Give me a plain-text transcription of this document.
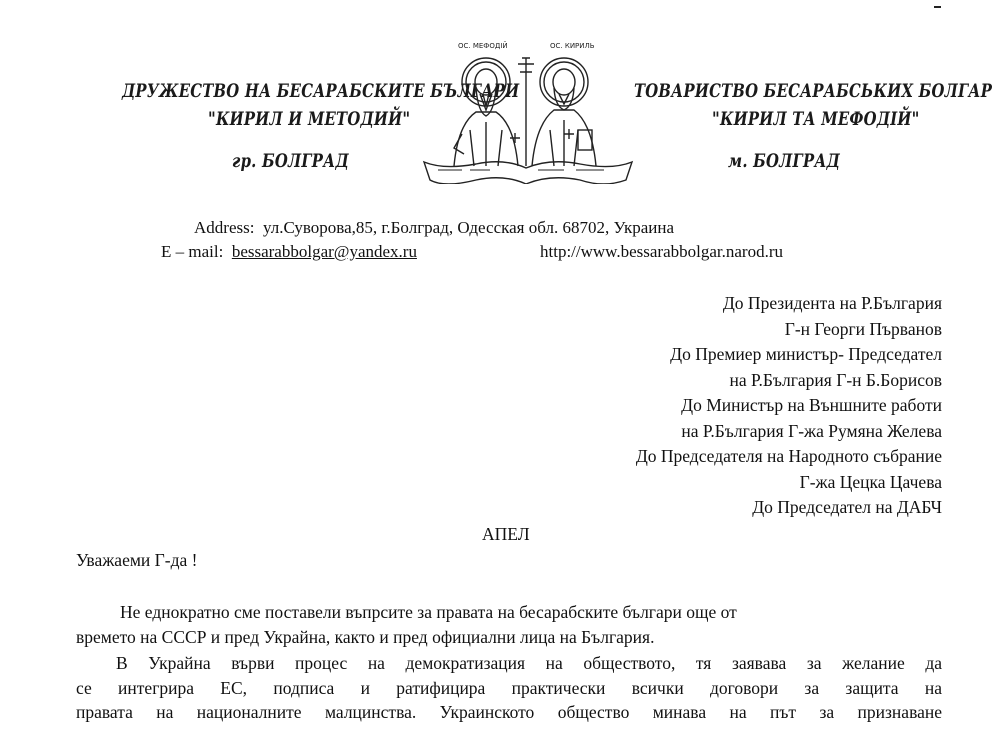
ДРУЖЕСТВО НА БЕСАРАБСКИТЕ БЪЛГАРИ
"КИРИЛ И МЕТОДИЙ"
гр. БОЛГРАД
ТОВАРИСТВО БЕСАРАБСЬКИХ БОЛГАР
"КИРИЛ ТА МЕФОДІЙ"
м. БОЛГРАД
ОС. МЕФОДІЙ	ОС. КИРИЛЬ
Address: ул.Суворова,85, г.Болград, Одесская обл. 68702, Украина
E – mail: bessarabbolgar@yandex.ru	http://www.bessarabbolgar.narod.ru
До Президента на Р.България
Г-н Георги Първанов
До Премиер министър- Председател
на Р.България Г-н Б.Борисов
До Министър на Външните работи
на Р.България Г-жа Румяна Желева
До Председателя на Народното събрание
Г-жа Цецка Цачева
До Председател на ДАБЧ
АПЕЛ
Уважаеми Г-да !
Не еднократно сме поставели въпрсите за правата на бесарабските българи още от
времето на СССР и пред Украйна, както и пред официални лица на България.
В Украйна върви процес на демократизация на обществото, тя заявава за желание да
се интегрира ЕС, подписа и ратифицира практически всички договори за защита на
правата на националните малцинства. Украинското общество минава на път за признаване
